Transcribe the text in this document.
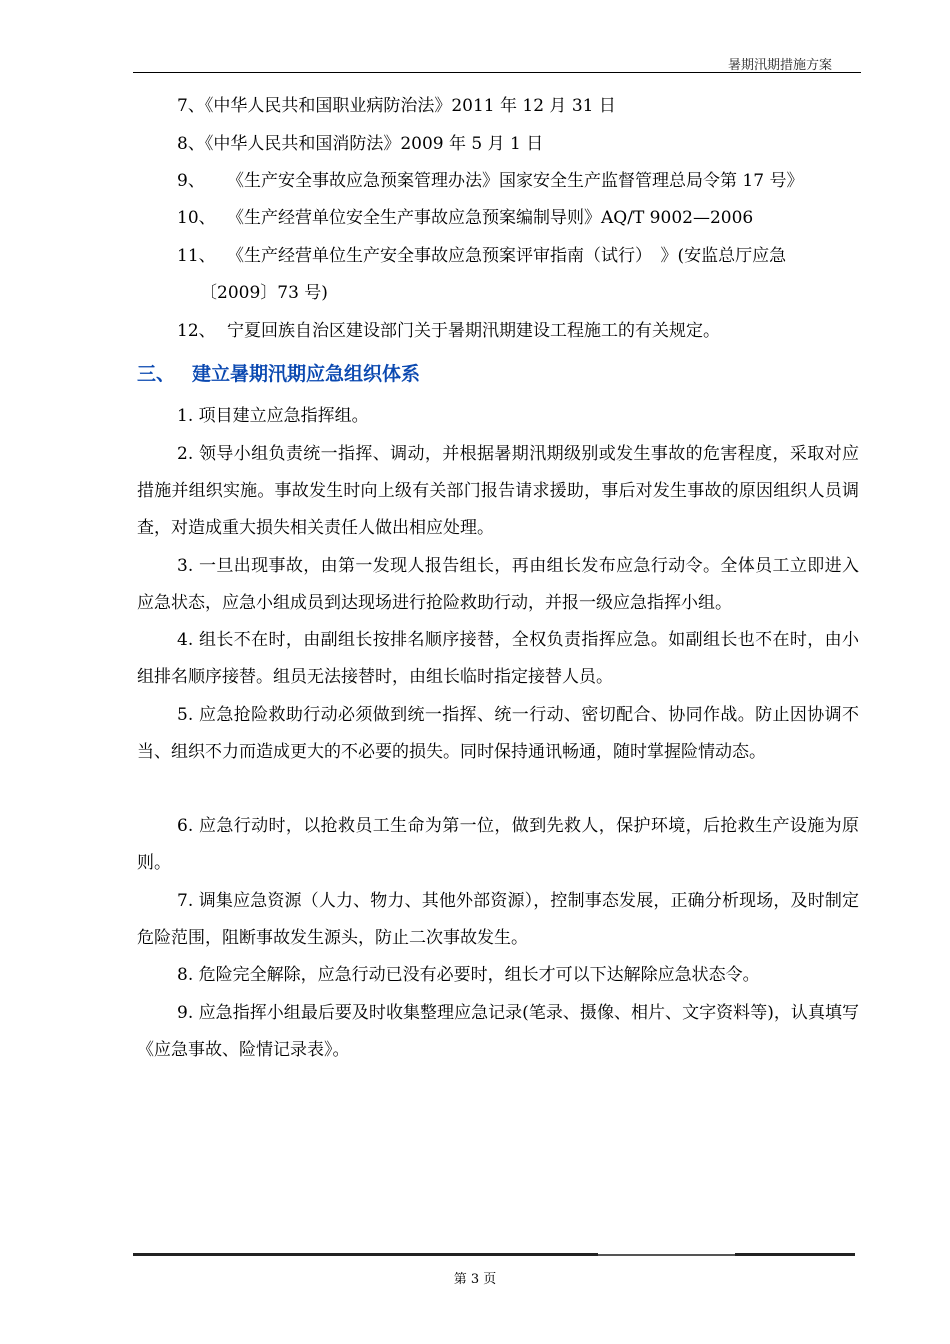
暑期汛期措施方案
7、《中华人民共和国职业病防治法》2011 年 12 月 31 日
8、《中华人民共和国消防法》2009 年 5 月 1 日
9、 《生产安全事故应急预案管理办法》国家安全生产监督管理总局令第 17 号》
10、 《生产经营单位安全生产事故应急预案编制导则》AQ/T 9002—2006
11、 《生产经营单位生产安全事故应急预案评审指南（试行）　》(安监总厅应急
〔2009〕73 号)
12、 宁夏回族自治区建设部门关于暑期汛期建设工程施工的有关规定。
三、 建立暑期汛期应急组织体系
1. 项目建立应急指挥组。
2. 领导小组负责统一指挥、调动，并根据暑期汛期级别或发生事故的危害程度，采取对应措施并组织实施。事故发生时向上级有关部门报告请求援助，事后对发生事故的原因组织人员调查，对造成重大损失相关责任人做出相应处理。
3. 一旦出现事故，由第一发现人报告组长，再由组长发布应急行动令。全体员工立即进入应急状态，应急小组成员到达现场进行抢险救助行动，并报一级应急指挥小组。
4. 组长不在时，由副组长按排名顺序接替，全权负责指挥应急。如副组长也不在时，由小组排名顺序接替。组员无法接替时，由组长临时指定接替人员。
5. 应急抢险救助行动必须做到统一指挥、统一行动、密切配合、协同作战。防止因协调不当、组织不力而造成更大的不必要的损失。同时保持通讯畅通，随时掌握险情动态。
6. 应急行动时，以抢救员工生命为第一位，做到先救人，保护环境，后抢救生产设施为原则。
7. 调集应急资源（人力、物力、其他外部资源），控制事态发展，正确分析现场，及时制定危险范围，阻断事故发生源头，防止二次事故发生。
8. 危险完全解除，应急行动已没有必要时，组长才可以下达解除应急状态令。
9. 应急指挥小组最后要及时收集整理应急记录(笔录、摄像、相片、文字资料等)，认真填写《应急事故、险情记录表》。
第 3 页
